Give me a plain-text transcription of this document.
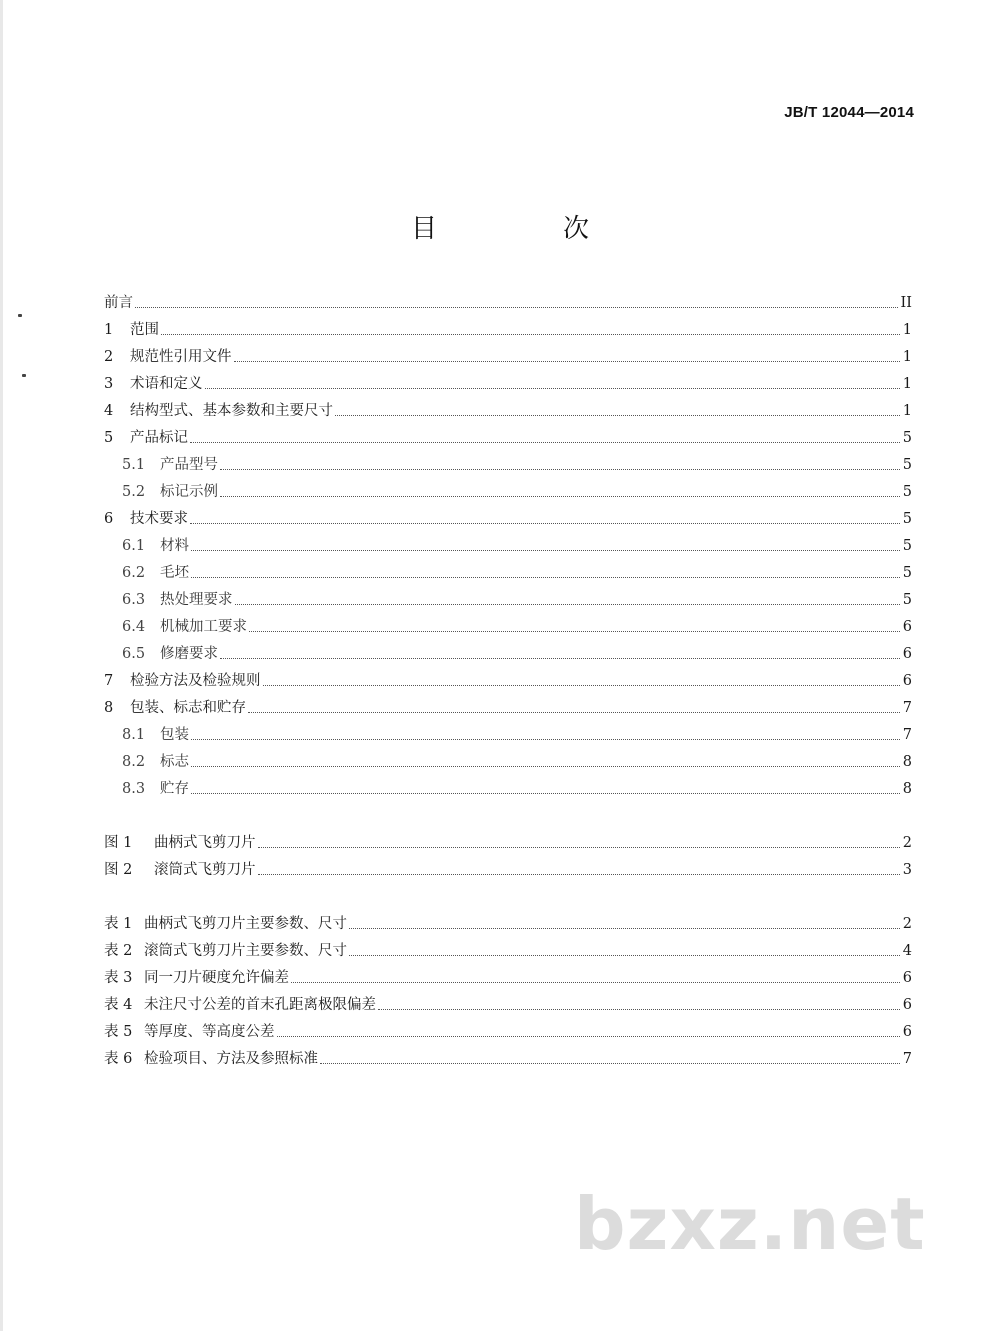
JB/T 12044—2014
目　次
前言	II
1	范围	1
2	规范性引用文件	1
3	术语和定义	1
4	结构型式、基本参数和主要尺寸	1
5	产品标记	5
5.1	产品型号	5
5.2	标记示例	5
6	技术要求	5
6.1	材料	5
6.2	毛坯	5
6.3	热处理要求	5
6.4	机械加工要求	6
6.5	修磨要求	6
7	检验方法及检验规则	6
8	包装、标志和贮存	7
8.1	包装	7
8.2	标志	8
8.3	贮存	8
图 1	曲柄式飞剪刀片	2
图 2	滚筒式飞剪刀片	3
表 1 曲柄式飞剪刀片主要参数、尺寸	2
表 2 滚筒式飞剪刀片主要参数、尺寸	4
表 3 同一刀片硬度允许偏差	6
表 4 未注尺寸公差的首末孔距离极限偏差	6
表 5 等厚度、等高度公差	6
表 6 检验项目、方法及参照标准	7
bzxz.net
